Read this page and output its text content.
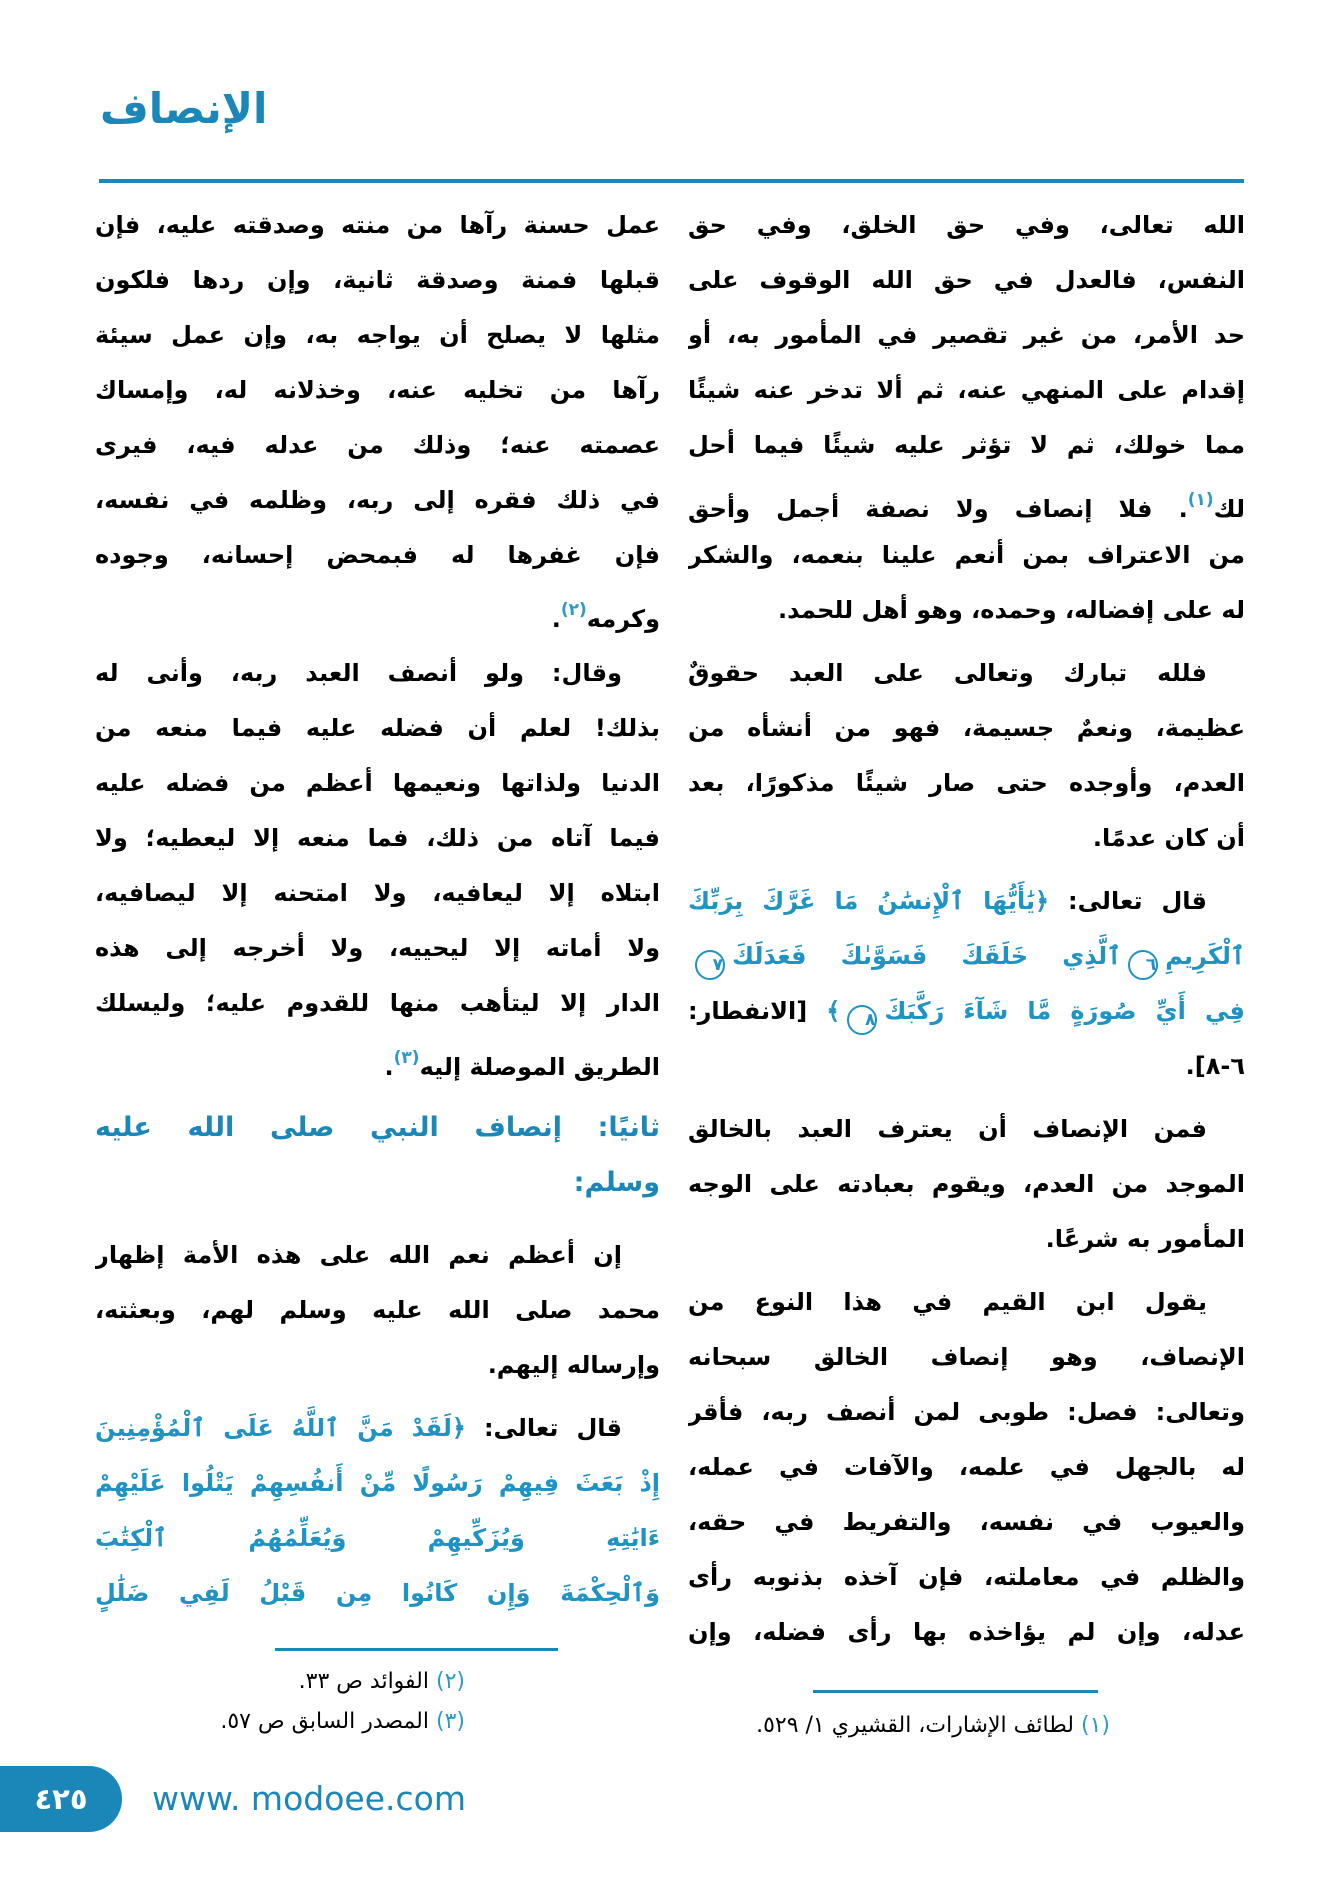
الإنصاف
الله تعالى، وفي حق الخلق، وفي حق
النفس، فالعدل في حق الله الوقوف على
حد الأمر، من غير تقصير في المأمور به، أو
إقدام على المنهي عنه، ثم ألا تدخر عنه شيئًا
مما خولك، ثم لا تؤثر عليه شيئًا فيما أحل
لك$^{(١)}$. فلا إنصاف ولا نصفة أجمل وأحق
من الاعتراف بمن أنعم علينا بنعمه، والشكر
له على إفضاله، وحمده، وهو أهل للحمد.
فلله تبارك وتعالى على العبد حقوقٌ
عظيمة، ونعمٌ جسيمة، فهو من أنشأه من
العدم، وأوجده حتى صار شيئًا مذكورًا، بعد
أن كان عدمًا.
قال تعالى: ﴿يَٰأَيُّهَا ٱلْإِنسَٰنُ مَا غَرَّكَ بِرَبِّكَ
ٱلْكَرِيمِ٦ٱلَّذِي خَلَقَكَ فَسَوَّىٰكَ فَعَدَلَكَ٧
فِي أَيِّ صُورَةٍ مَّا شَآءَ رَكَّبَكَ٨﴾ [الانفطار:
٦-٨].
فمن الإنصاف أن يعترف العبد بالخالق
الموجد من العدم، ويقوم بعبادته على الوجه
المأمور به شرعًا.
يقول ابن القيم في هذا النوع من
الإنصاف، وهو إنصاف الخالق سبحانه
وتعالى: فصل: طوبى لمن أنصف ربه، فأقر
له بالجهل في علمه، والآفات في عمله،
والعيوب في نفسه، والتفريط في حقه،
والظلم في معاملته، فإن آخذه بذنوبه رأى
عدله، وإن لم يؤاخذه بها رأى فضله، وإن
عمل حسنة رآها من منته وصدقته عليه، فإن
قبلها فمنة وصدقة ثانية، وإن ردها فلكون
مثلها لا يصلح أن يواجه به، وإن عمل سيئة
رآها من تخليه عنه، وخذلانه له، وإمساك
عصمته عنه؛ وذلك من عدله فيه، فيرى
في ذلك فقره إلى ربه، وظلمه في نفسه،
فإن غفرها له فبمحض إحسانه، وجوده
وكرمه$^{(٢)}$.
وقال: ولو أنصف العبد ربه، وأنى له
بذلك! لعلم أن فضله عليه فيما منعه من
الدنيا ولذاتها ونعيمها أعظم من فضله عليه
فيما آتاه من ذلك، فما منعه إلا ليعطيه؛ ولا
ابتلاه إلا ليعافيه، ولا امتحنه إلا ليصافيه،
ولا أماته إلا ليحييه، ولا أخرجه إلى هذه
الدار إلا ليتأهب منها للقدوم عليه؛ وليسلك
الطريق الموصلة إليه$^{(٣)}$.
ثانيًا: إنصاف النبي صلى الله عليه
وسلم:
إن أعظم نعم الله على هذه الأمة إظهار
محمد صلى الله عليه وسلم لهم، وبعثته،
وإرساله إليهم.
قال تعالى: ﴿لَقَدْ مَنَّ ٱللَّهُ عَلَى ٱلْمُؤْمِنِينَ
إِذْ بَعَثَ فِيهِمْ رَسُولًا مِّنْ أَنفُسِهِمْ يَتْلُوا عَلَيْهِمْ
ءَايَٰتِهِ وَيُزَكِّيهِمْ وَيُعَلِّمُهُمُ ٱلْكِتَٰبَ
وَٱلْحِكْمَةَ وَإِن كَانُوا مِن قَبْلُ لَفِي ضَلَٰلٍ
(١) لطائف الإشارات، القشيري ١/ ٥٢٩.
(٢) الفوائد ص ٣٣.
(٣) المصدر السابق ص ٥٧.
٤٢٥ www. modoee.com
